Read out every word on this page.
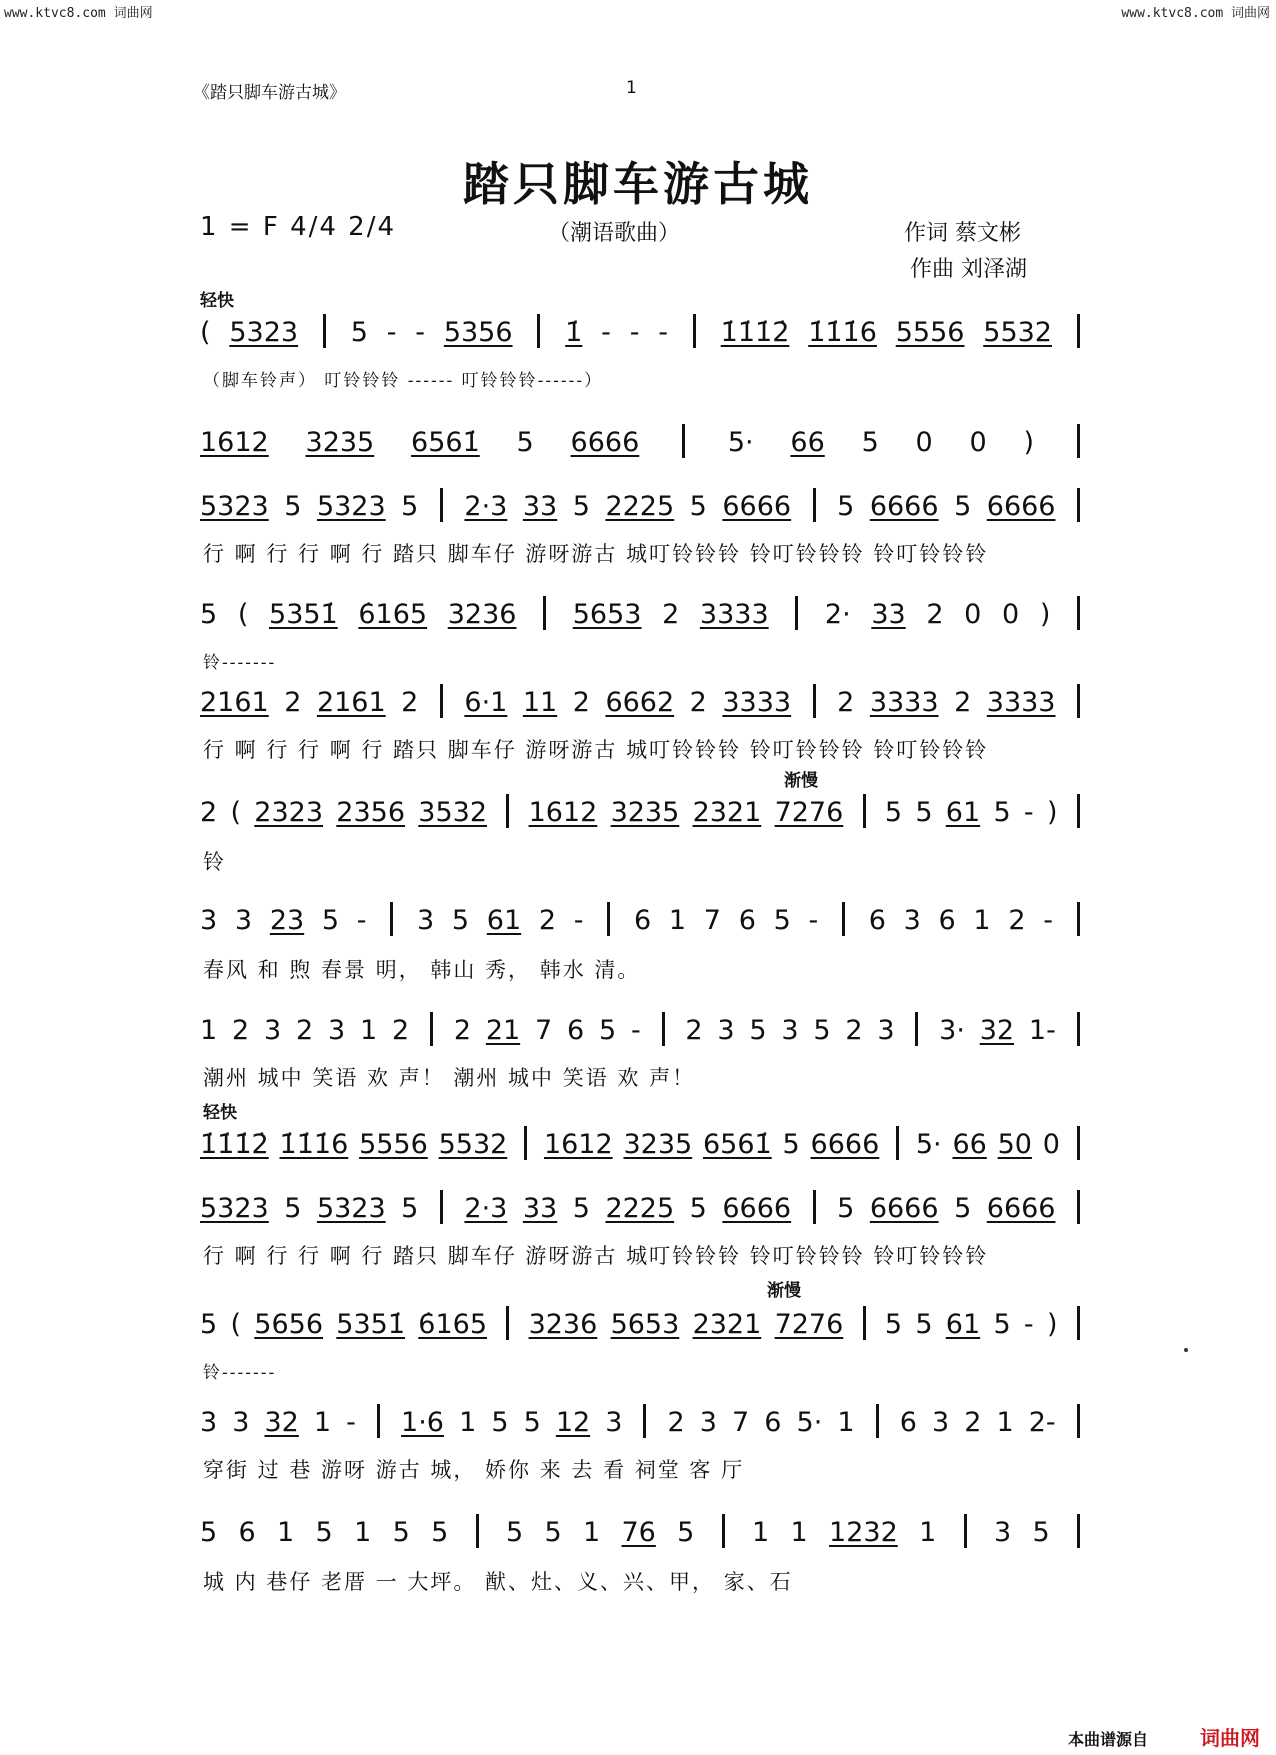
www.ktvc8.com 词曲网	www.ktvc8.com 词曲网
《踏只脚车游古城》	1
踏只脚车游古城
1 = F 4/4 2/4	（潮语歌曲）	作词 蔡文彬
作曲 刘泽湖
轻快
渐慢
轻快
渐慢
( 5323 5 - - 5356 1̇ - - - 1̇1̇1̇2̇ 1̇1̇1̇6 5556 5532
（脚车铃声） 叮铃铃铃 ------ 叮铃铃铃------）
1612 3235 6561̇ 5 6666	5· 66 5 0 0 )
5323 5 5323 5 2·3 33 5 2225 5 6666 5 6666 5 6666
行 啊 行 行 啊 行 踏只 脚车仔 游呀游古 城叮铃铃铃 铃叮铃铃铃 铃叮铃铃铃
5 ( 5351̇ 6̇165 3236 5653 2 3333 2· 33 2 0 0 )
铃-------
2161 2 2161 2 6·1 11 2 6662 2 3333 2 3333 2 3333
行 啊 行 行 啊 行 踏只 脚车仔 游呀游古 城叮铃铃铃 铃叮铃铃铃 铃叮铃铃铃
2 ( 2323 2356 3532 1612 3235 2321 7276 5 5 61 5 - )
铃
3 3 23 5 - 3 5 61 2 - 6 1 7 6 5 - 6 3 6 1 2 -
春风 和 煦 春景 明， 韩山 秀， 韩水 清。
1 2 3 2 3 1 2 2 21 7 6 5 - 2 3 5 3 5 2 3 3· 32 1-
潮州 城中 笑语 欢 声！ 潮州 城中 笑语 欢 声！
1̇1̇1̇2̇ 1̇1̇1̇6 5556 5532 1612 3235 6561̇ 5 6666 5· 66 50 0
5323 5 5323 5 2·3 33 5 2225 5 6666 5 6666 5 6666
行 啊 行 行 啊 行 踏只 脚车仔 游呀游古 城叮铃铃铃 铃叮铃铃铃 铃叮铃铃铃
5 ( 5656 5351̇ 6̇165 3236 5653 2321 7276 5 5 61 5 - )
铃-------
3 3 32 1 - 1·6 1 5 5 12 3 2 3 7 6 5· 1 6 3 2 1 2-
穿街 过 巷 游呀 游古 城， 娇你 来 去 看 祠堂 客 厅
5 6 1 5 1 5 5 5 5 1 76 5 1 1 1232 1 3 5
城 内 巷仔 老厝 一 大坪。 猷、灶、义、兴、甲， 家、石
本曲谱源自	词曲网
